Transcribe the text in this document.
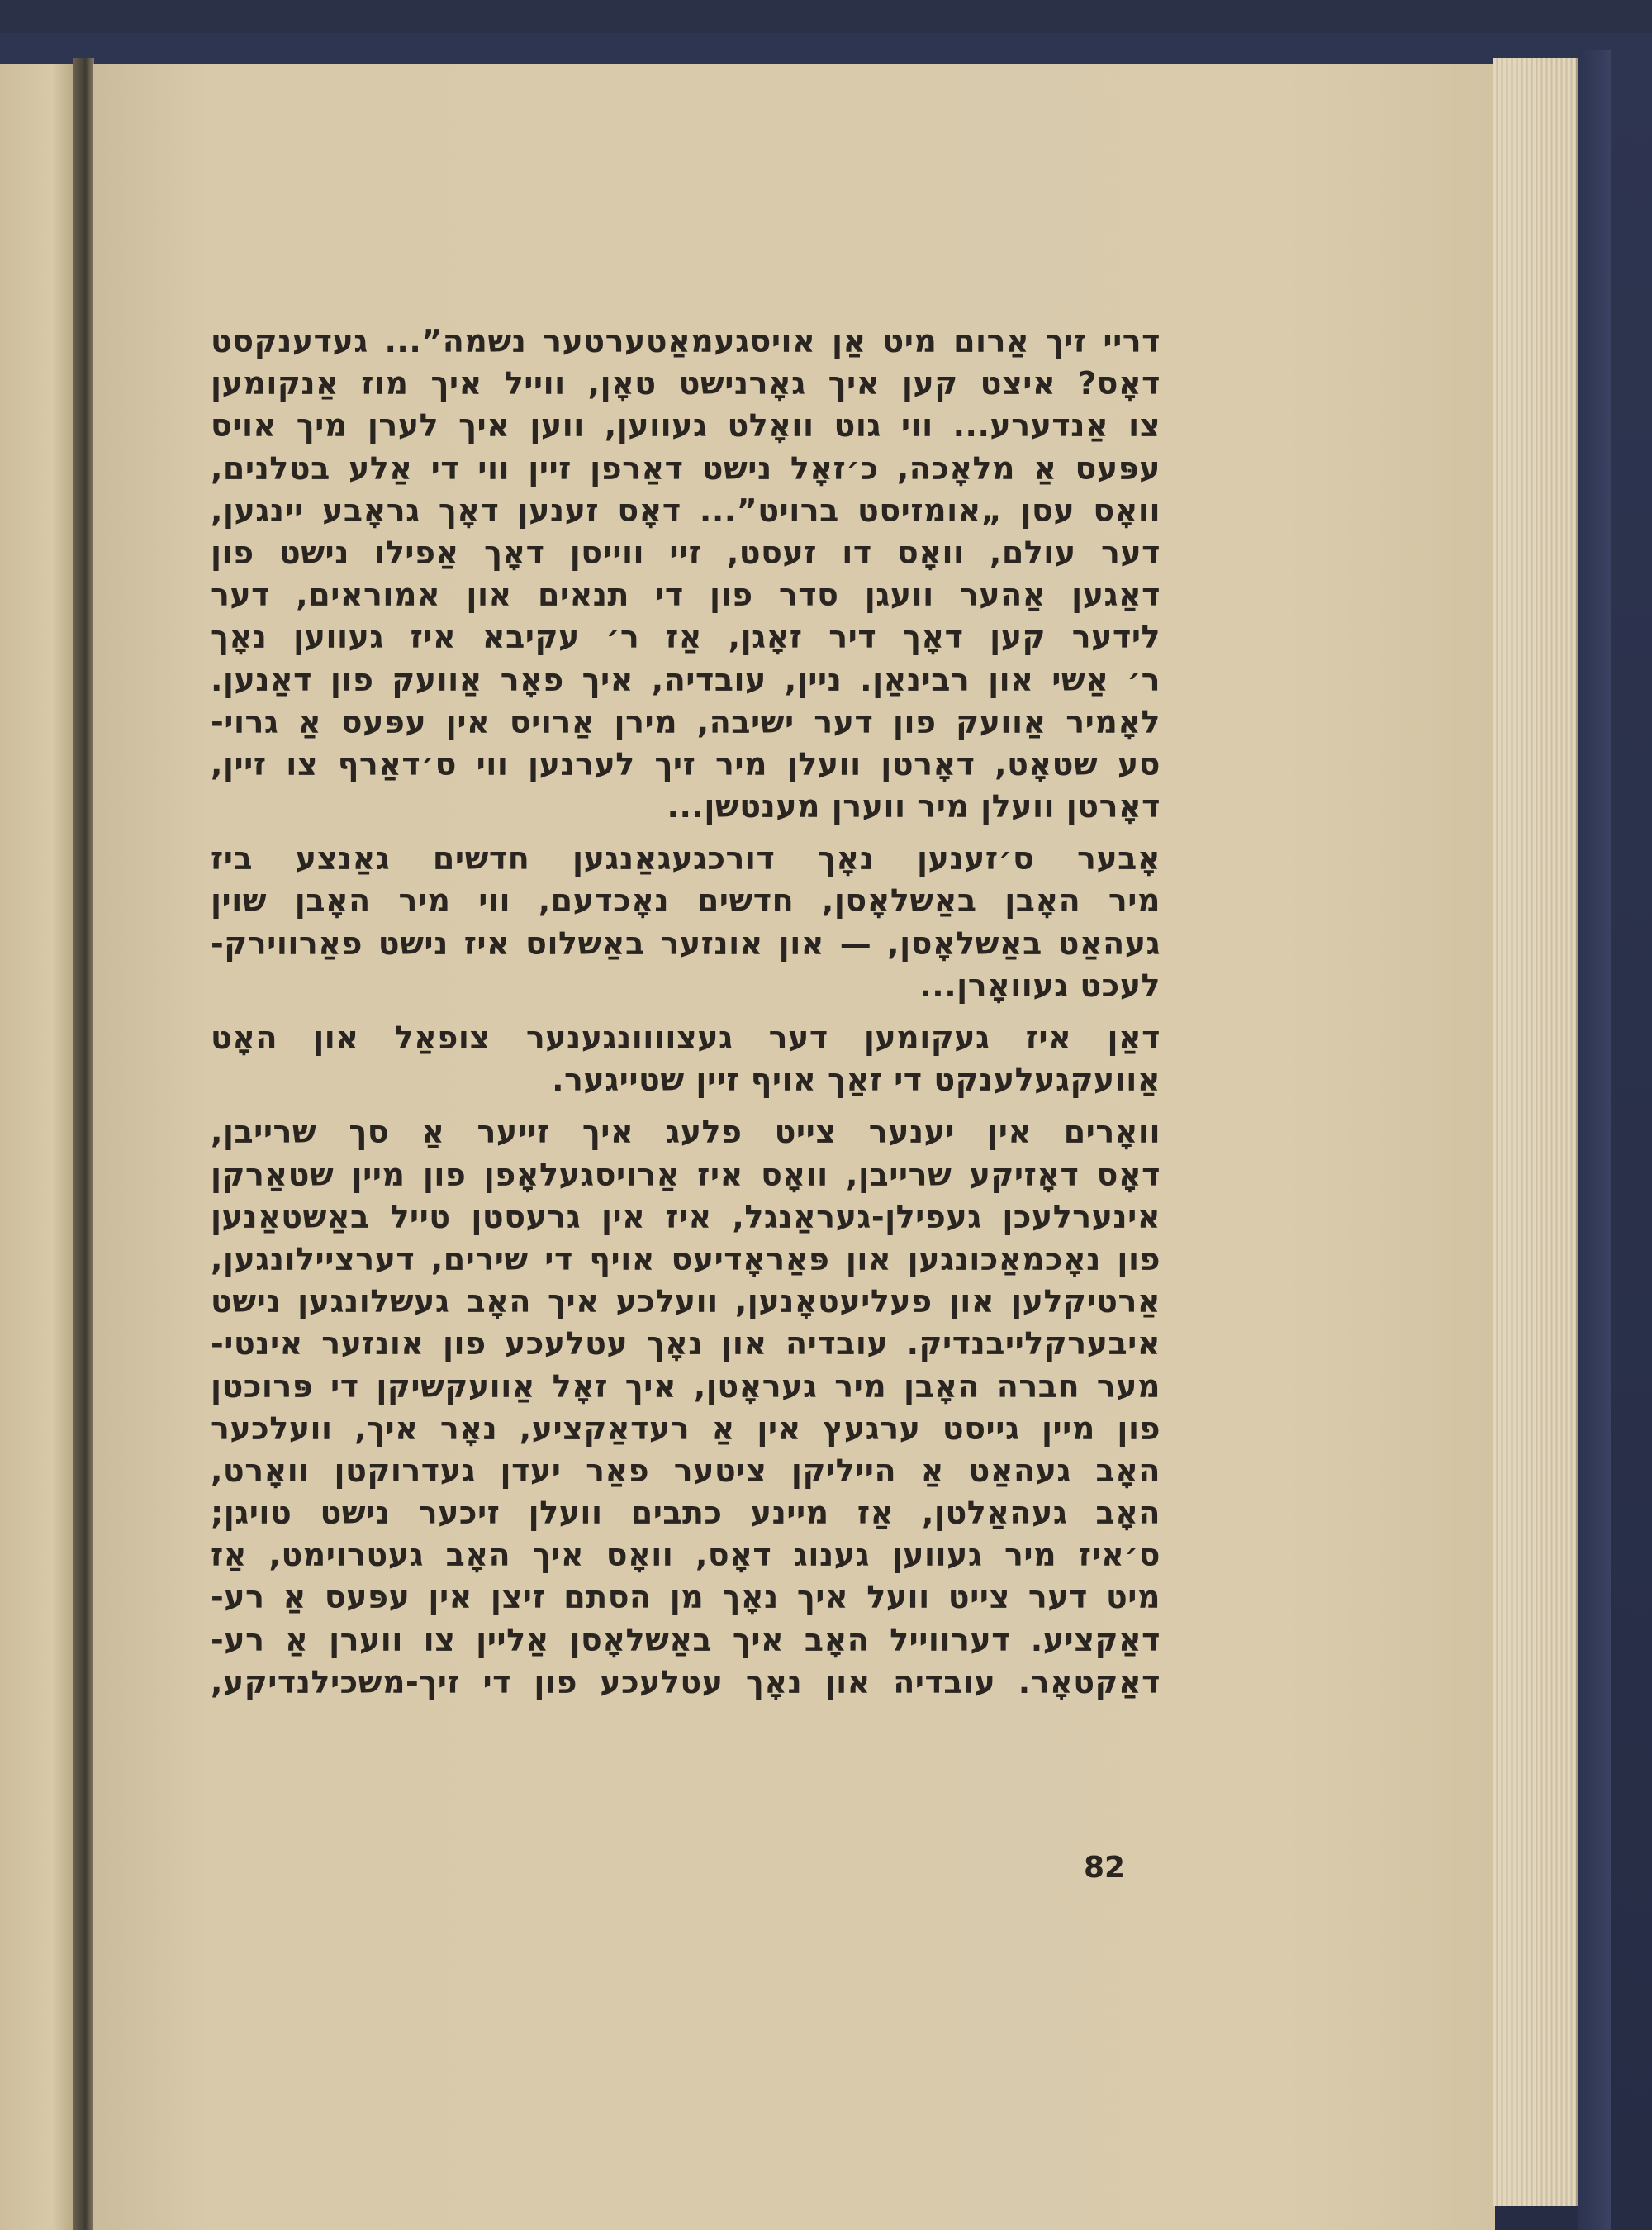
דריי זיך אַרום מיט אַן אויסגעמאַטערטער נשמה”... געדענקסט
דאָס? איצט קען איך גאָרנישט טאָן, ווייל איך מוז אַנקומען
צו אַנדערע... ווי גוט וואָלט געווען, ווען איך לערן מיך אויס
עפּעס אַ מלאָכה, כ׳זאָל נישט דאַרפן זיין ווי די אַלע בטלנים,
וואָס עסן „אומזיסט ברויט”... דאָס זענען דאָך גראָבע יינגען,
דער עולם, וואָס דו זעסט, זיי ווייסן דאָך אַפילו נישט פון
דאַגען אַהער וועגן סדר פון די תנאים און אמוראים, דער
לידער קען דאָך דיר זאָגן, אַז ר׳ עקיבא איז געווען נאָך
ר׳ אַשי און רבינאַן. ניין, עובדיה, איך פאָר אַוועק פון דאַנען.
לאָמיר אַוועק פון דער ישיבה, מירן אַרויס אין עפּעס אַ גרוי-
סע שטאָט, דאָרטן וועלן מיר זיך לערנען ווי ס׳דאַרף צו זיין,
דאָרטן וועלן מיר ווערן מענטשן...
אָבער ס׳זענען נאָך דורכגעגאַנגען חדשים גאַנצע ביז
מיר האָבן באַשלאָסן, חדשים נאָכדעם, ווי מיר האָבן שוין
געהאַט באַשלאָסן, — און אונזער באַשלוס איז נישט פאַרווירק-
לעכט געוואָרן...
דאַן איז געקומען דער געצוווונגענער צופאַל און האָט
אַוועקגעלענקט די זאַך אויף זיין שטייגער.
וואָרים אין יענער צייט פלעג איך זייער אַ סך שרייבן,
דאָס דאָזיקע שרייבן, וואָס איז אַרויסגעלאָפן פון מיין שטאַרקן
אינערלעכן געפילן-געראַנגל, איז אין גרעסטן טייל באַשטאַנען
פון נאָכמאַכונגען און פּאַראָדיעס אויף די שירים, דערציילונגען,
אַרטיקלען און פעליעטאָנען, וועלכע איך האָב געשלונגען נישט
איבערקלייבנדיק. עובדיה און נאָך עטלעכע פון אונזער אינטי-
מער חברה האָבן מיר געראָטן, איך זאָל אַוועקשיקן די פּרוכטן
פון מיין גייסט ערגעץ אין אַ רעדאַקציע, נאָר איך, וועלכער
האָב געהאַט אַ הייליקן ציטער פאַר יעדן געדרוקטן וואָרט,
האָב געהאַלטן, אַז מיינע כתבים וועלן זיכער נישט טויגן;
ס׳איז מיר געווען גענוג דאָס, וואָס איך האָב געטרוימט, אַז
מיט דער צייט וועל איך נאָך מן הסתם זיצן אין עפּעס אַ רע-
דאַקציע. דערווייל האָב איך באַשלאָסן אַליין צו ווערן אַ רע-
דאַקטאָר. עובדיה און נאָך עטלעכע פון די זיך-משכילנדיקע,
82
